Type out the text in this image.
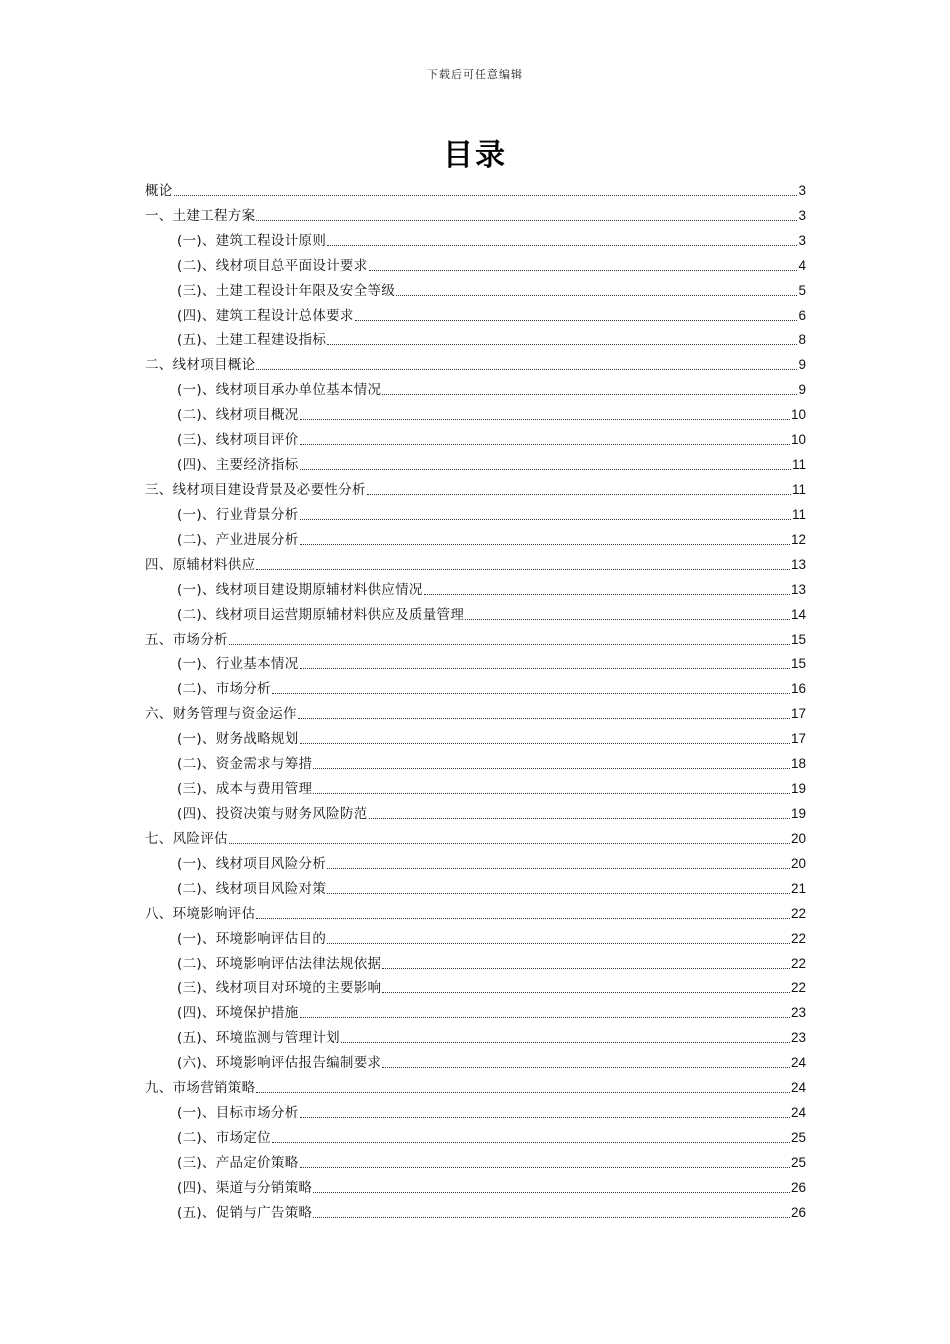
下载后可任意编辑
目录
概论	3
一、土建工程方案	3
(一)、建筑工程设计原则	3
(二)、线材项目总平面设计要求	4
(三)、土建工程设计年限及安全等级	5
(四)、建筑工程设计总体要求	6
(五)、土建工程建设指标	8
二、线材项目概论	9
(一)、线材项目承办单位基本情况	9
(二)、线材项目概况	10
(三)、线材项目评价	10
(四)、主要经济指标	11
三、线材项目建设背景及必要性分析	11
(一)、行业背景分析	11
(二)、产业进展分析	12
四、原辅材料供应	13
(一)、线材项目建设期原辅材料供应情况	13
(二)、线材项目运营期原辅材料供应及质量管理	14
五、市场分析	15
(一)、行业基本情况	15
(二)、市场分析	16
六、财务管理与资金运作	17
(一)、财务战略规划	17
(二)、资金需求与筹措	18
(三)、成本与费用管理	19
(四)、投资决策与财务风险防范	19
七、风险评估	20
(一)、线材项目风险分析	20
(二)、线材项目风险对策	21
八、环境影响评估	22
(一)、环境影响评估目的	22
(二)、环境影响评估法律法规依据	22
(三)、线材项目对环境的主要影响	22
(四)、环境保护措施	23
(五)、环境监测与管理计划	23
(六)、环境影响评估报告编制要求	24
九、市场营销策略	24
(一)、目标市场分析	24
(二)、市场定位	25
(三)、产品定价策略	25
(四)、渠道与分销策略	26
(五)、促销与广告策略	26
